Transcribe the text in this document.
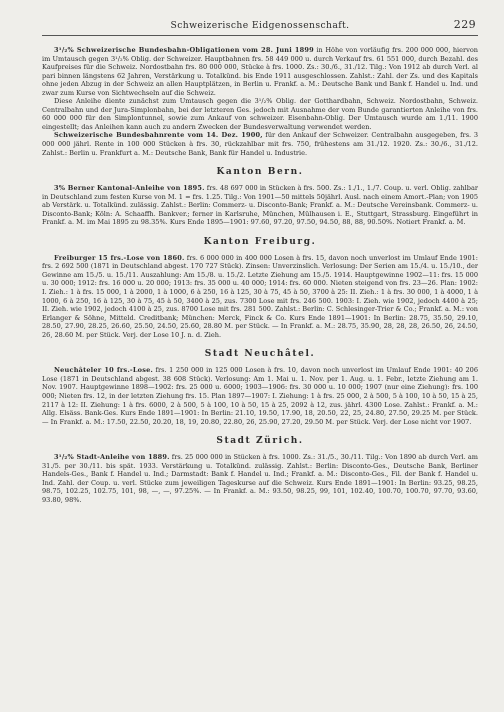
Schweizerische Eidgenossenschaft.	229

3¹/₂% Schweizerische Bundesbahn-Obligationen vom 28. Juni 1899 in Höhe von vorläufig frs. 200 000 000, hiervon im Umtausch gegen 3¹/₂% Oblig. der Schweizer. Hauptbahnen frs. 58 449 000 u. durch Verkauf frs. 61 551 000, durch Bezahl. des Kaufpreises für die Schweiz. Nordostbahn frs. 80 000 000, Stücke à frs. 1000. Zs.: 30./6., 31./12. Tilg.: Von 1912 ab durch Verl. al pari binnen längstens 62 Jahren, Verstärkung u. Totalkünd. bis Ende 1911 ausgeschlossen. Zahlst.: Zahl. der Zs. und des Kapitals ohne jeden Abzug in der Schweiz an allen Hauptplätzen, in Berlin u. Frankf. a. M.: Deutsche Bank und Bank f. Handel u. Ind. und zwar zum Kurse von Sichtwechseln auf die Schweiz.

Diese Anleihe diente zunächst zum Umtausch gegen die 3¹/₂% Oblig. der Gotthardbahn, Schweiz. Nordostbahn, Schweiz. Centralbahn und der Jura-Simplonbahn, bei der letzteren Ges. jedoch mit Ausnahme der vom Bunde garantierten Anleihe von frs. 60 000 000 für den Simplontunnel, sowie zum Ankauf von schweizer. Eisenbahn-Oblig. Der Umtausch wurde am 1./11. 1900 eingestellt; das Anleihen kann auch zu andern Zwecken der Bundesverwaltung verwendet werden.

Schweizerische Bundesbahnrente vom 14. Dez. 1900, für den Ankauf der Schweizer. Centralbahn ausgegeben, frs. 3 000 000 jährl. Rente in 100 000 Stücken à frs. 30, rückzahlbar mit frs. 750, frühestens am 31./12. 1920. Zs.: 30./6., 31./12. Zahlst.: Berlin u. Frankfurt a. M.: Deutsche Bank, Bank für Handel u. Industrie.

Kanton Bern.

3% Berner Kantonal-Anleihe von 1895. frs. 48 697 000 in Stücken à frs. 500. Zs.: 1./1., 1./7. Coup. u. verl. Oblig. zahlbar in Deutschland zum festen Kurse von M. 1 = frs. 1.25. Tilg.: Von 1901—50 mittels 50jährl. Ausl. nach einem Amort.-Plan; von 1905 ab Verstärk. u. Totalkünd. zulässig. Zahlst.: Berlin: Commerz- u. Disconto-Bank; Frankf. a. M.: Deutsche Vereinsbank. Commerz- u. Disconto-Bank; Köln: A. Schaaffh. Bankver.; ferner in Karlsruhe, München, Mülhausen i. E., Stuttgart, Strassburg. Eingeführt in Frankf. a. M. im Mai 1895 zu 98.35%. Kurs Ende 1895—1901: 97.60, 97.20, 97.50, 94.50, 88, 88, 90.50%. Notiert Frankf. a. M.

Kanton Freiburg.

Freiburger 15 frs.-Lose von 1860. frs. 6 000 000 in 400 000 Losen à frs. 15, davon noch unverlost im Umlauf Ende 1901: frs. 2 692 500 (1871 in Deutschland abgest. 170 727 Stück). Zinsen: Unverzinslich. Verlosung: Der Serien am 15./4. u. 15./10., der Gewinne am 15./5. u. 15./11. Auszahlung: Am 15./8. u. 15./2. Letzte Ziehung am 15./5. 1914. Hauptgewinne 1902—11: frs. 15 000 u. 30 000; 1912: frs. 16 000 u. 20 000; 1913: frs. 35 000 u. 40 000; 1914: frs. 60 000. Nieten steigend von frs. 23—26. Plan: 1902: I. Zieh.: 1 à frs. 15 000, 1 à 2000, 1 à 1000, 6 à 250, 16 à 125, 30 à 75, 45 à 50, 3700 à 25: II. Zieh.: 1 à frs. 30 000, 1 à 4000, 1 à 1000, 6 à 250, 16 à 125, 30 à 75, 45 à 50, 3400 à 25, zus. 7300 Lose mit frs. 246 500. 1903: I. Zieh. wie 1902, jedoch 4400 à 25; II. Zieh. wie 1902, jedoch 4100 à 25, zus. 8700 Lose mit frs. 281 500. Zahlst.: Berlin: C. Schlesinger-Trier & Co.; Frankf. a. M.: von Erlanger & Söhne, Mitteld. Creditbank; München: Merck, Finck & Co. Kurs Ende 1891—1901: In Berlin: 28.75, 35.50, 29.10, 28.50, 27.90, 28.25, 26.60, 25.50, 24.50, 25.60, 28.80 M. per Stück. — In Frankf. a. M.: 28.75, 35.90, 28, 28, 28, 26.50, 26, 24.50, 26, 28.60 M. per Stück. Verj. der Lose 10 J. n. d. Zieh.

Stadt Neuchâtel.

Neuchâteler 10 frs.-Lose. frs. 1 250 000 in 125 000 Losen à frs. 10, davon noch unverlost im Umlauf Ende 1901: 40 206 Lose (1871 in Deutschland abgest. 38 608 Stück). Verlosung: Am 1. Mai u. 1. Nov. per 1. Aug. u. 1. Febr., letzte Ziehung am 1. Nov. 1907. Hauptgewinne 1898—1902: frs. 25 000 u. 6000; 1903—1906: frs. 30 000 u. 10 000; 1907 (nur eine Ziehung): frs. 100 000; Nieten frs. 12, in der letzten Ziehung frs. 15. Plan 1897—1907: I. Ziehung: 1 à frs. 25 000, 2 à 500, 5 à 100, 10 à 50, 15 à 25, 2117 à 12: II. Ziehung: 1 à frs. 6000, 2 à 500, 5 à 100, 10 à 50, 15 à 25, 2092 à 12, zus. jährl. 4300 Lose. Zahlst.: Frankf. a. M.: Allg. Elsäss. Bank-Ges. Kurs Ende 1891—1901: In Berlin: 21.10, 19.50, 17.90, 18, 20.50, 22, 25, 24.80, 27.50, 29.25 M. per Stück. — In Frankf. a. M.: 17.50, 22.50, 20.20, 18, 19, 20.80, 22.80, 26, 25.90, 27.20, 29.50 M. per Stück. Verj. der Lose nicht vor 1907.

Stadt Zürich.

3¹/₂% Stadt-Anleihe von 1889. frs. 25 000 000 in Stücken à frs. 1000. Zs.: 31./5., 30./11. Tilg.: Von 1890 ab durch Verl. am 31./5. per 30./11. bis spät. 1933. Verstärkung u. Totalkünd. zulässig. Zahlst.: Berlin: Disconto-Ges., Deutsche Bank, Berliner Handels-Ges., Bank f. Handel u. Ind.; Darmstadt: Bank f. Handel u. Ind.; Frankf. a. M.: Disconto-Ges., Fil. der Bank f. Handel u. Ind. Zahl. der Coup. u. verl. Stücke zum jeweiligen Tageskurse auf die Schweiz. Kurs Ende 1891—1901: In Berlin: 93.25, 98.25, 98.75, 102.25, 102.75, 101, 98, —, —, 97.25%. — In Frankf. a. M.: 93.50, 98.25, 99, 101, 102.40, 100.70, 100.70, 97.70, 93.60, 93.80, 98%.
